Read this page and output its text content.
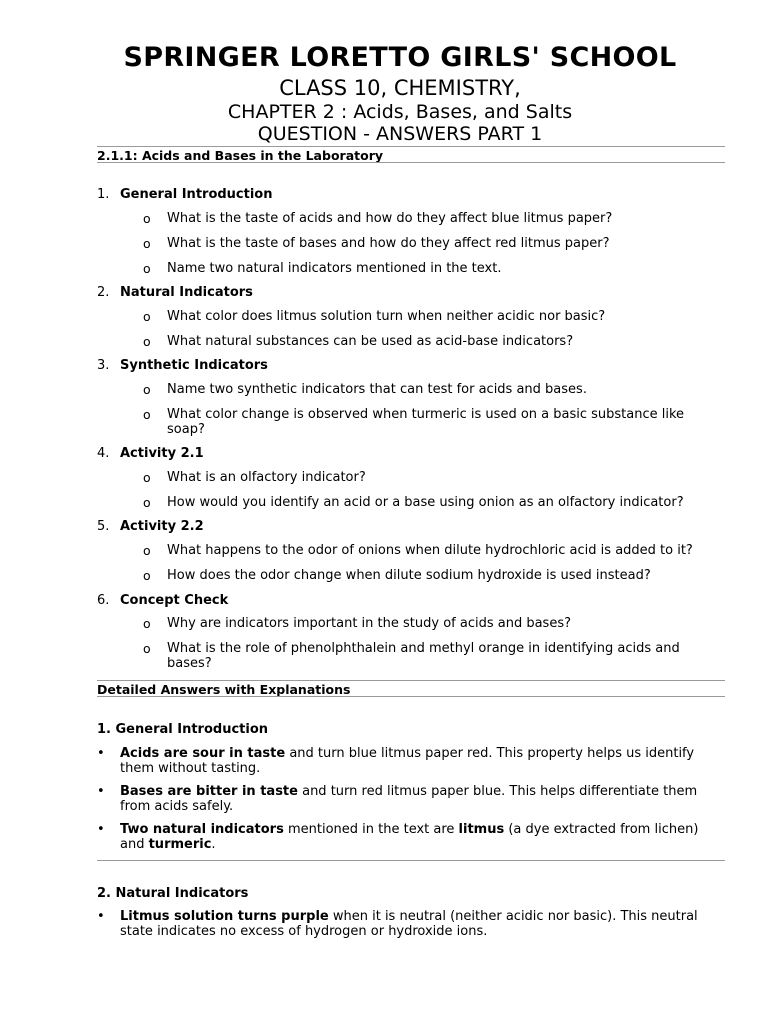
SPRINGER LORETTO GIRLS' SCHOOL
CLASS 10, CHEMISTRY,
CHAPTER 2 : Acids, Bases, and Salts
QUESTION - ANSWERS PART 1
2.1.1: Acids and Bases in the Laboratory
1. General Introduction
o What is the taste of acids and how do they affect blue litmus paper?
o What is the taste of bases and how do they affect red litmus paper?
o Name two natural indicators mentioned in the text.
2. Natural Indicators
o What color does litmus solution turn when neither acidic nor basic?
o What natural substances can be used as acid-base indicators?
3. Synthetic Indicators
o Name two synthetic indicators that can test for acids and bases.
o What color change is observed when turmeric is used on a basic substance like soap?
4. Activity 2.1
o What is an olfactory indicator?
o How would you identify an acid or a base using onion as an olfactory indicator?
5. Activity 2.2
o What happens to the odor of onions when dilute hydrochloric acid is added to it?
o How does the odor change when dilute sodium hydroxide is used instead?
6. Concept Check
o Why are indicators important in the study of acids and bases?
o What is the role of phenolphthalein and methyl orange in identifying acids and bases?
Detailed Answers with Explanations
1. General Introduction
• Acids are sour in taste and turn blue litmus paper red. This property helps us identify them without tasting.
• Bases are bitter in taste and turn red litmus paper blue. This helps differentiate them from acids safely.
• Two natural indicators mentioned in the text are litmus (a dye extracted from lichen) and turmeric.
2. Natural Indicators
• Litmus solution turns purple when it is neutral (neither acidic nor basic). This neutral state indicates no excess of hydrogen or hydroxide ions.
